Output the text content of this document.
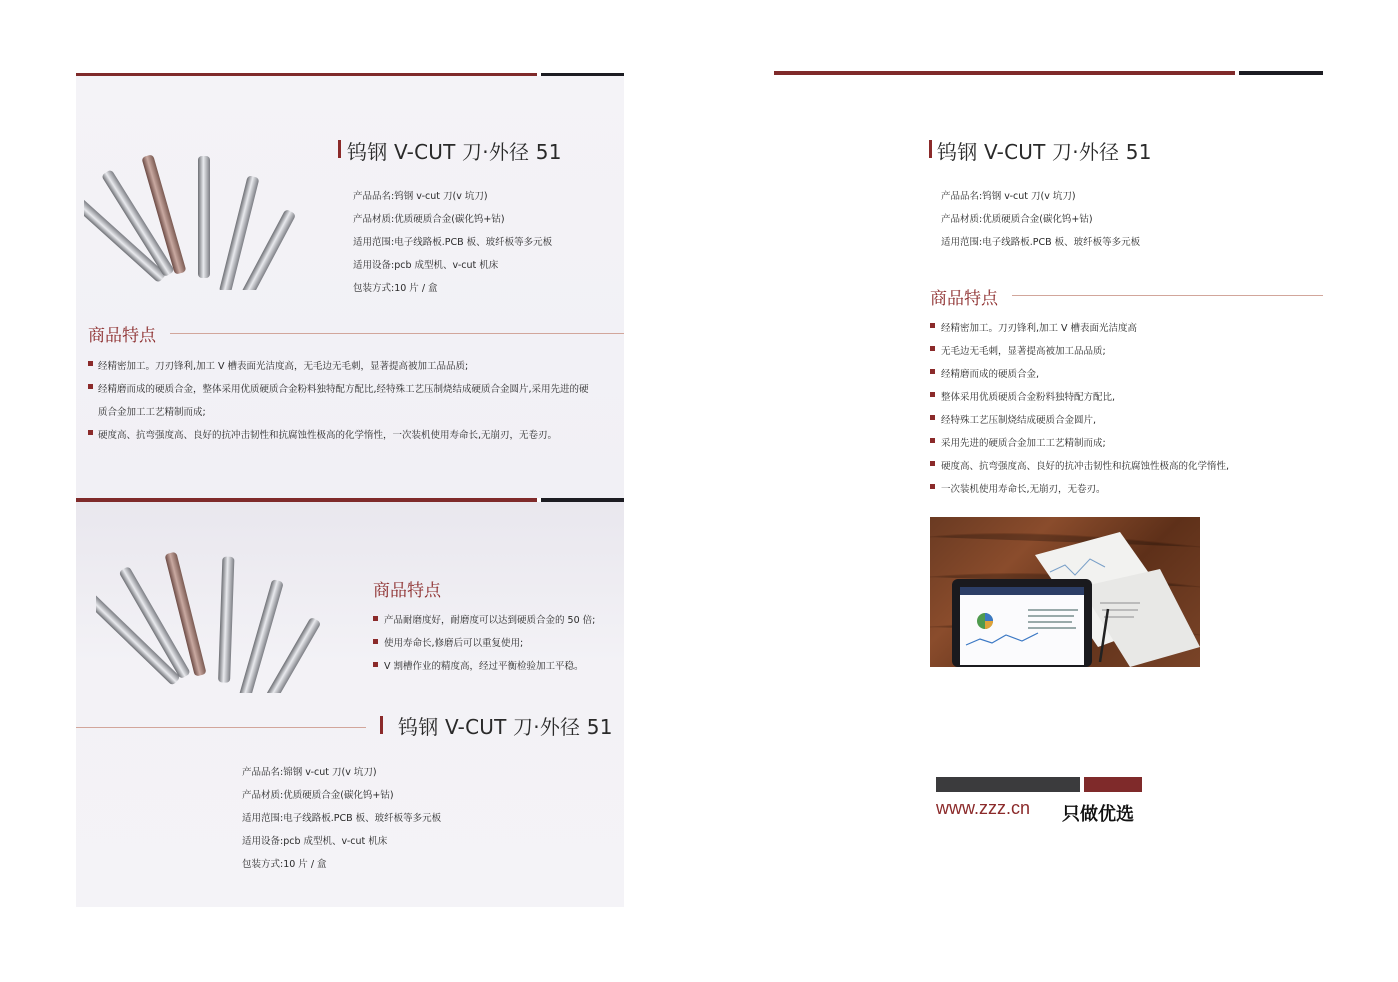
钨钢 V-CUT 刀·外径 51
产品品名:钨钢 v-cut 刀(v 坑刀)
产品材质:优质硬质合金(碳化钨+钴)
适用范围:电子线路板.PCB 板、玻纤板等多元板
适用设备:pcb 成型机、v-cut 机床
包装方式:10 片 / 盒
商品特点
经精密加工。刀刃锋利,加工 V 槽表面光洁度高，无毛边无毛刺，显著提高被加工品品质;
经精磨而成的硬质合金，整体采用优质硬质合金粉料独特配方配比,经特殊工艺压制烧结成硬质合金圆片,采用先进的硬
质合金加工工艺精制而成;
硬度高、抗弯强度高、良好的抗冲击韧性和抗腐蚀性极高的化学惰性，一次装机使用寿命长,无崩刃，无卷刃。
商品特点
产品耐磨度好，耐磨度可以达到硬质合金的 50 倍;
使用寿命长,修磨后可以重复使用;
V 割槽作业的精度高，经过平衡检验加工平稳。
钨钢 V-CUT 刀·外径 51
产品品名:锦钢 v-cut 刀(v 坑刀)
产品材质:优质硬质合金(碳化钨+钴)
适用范围:电子线路板.PCB 板、玻纤板等多元板
适用设备:pcb 成型机、v-cut 机床
包装方式:10 片 / 盒
钨钢 V-CUT 刀·外径 51
产品品名:钨钢 v-cut 刀(v 坑刀)
产品材质:优质硬质合金(碳化钨+钴)
适用范围:电子线路板.PCB 板、玻纤板等多元板
商品特点
经精密加工。刀刃锋利,加工 V 槽表面光洁度高
无毛边无毛刺，显著提高被加工品品质;
经精磨而成的硬质合金,
整体采用优质硬质合金粉料独特配方配比,
经特殊工艺压制烧结成硬质合金圆片,
采用先进的硬质合金加工工艺精制而成;
硬度高、抗弯强度高、良好的抗冲击韧性和抗腐蚀性极高的化学惰性,
一次装机使用寿命长,无崩刃，无卷刃。
www.zzz.cn 只做优选
